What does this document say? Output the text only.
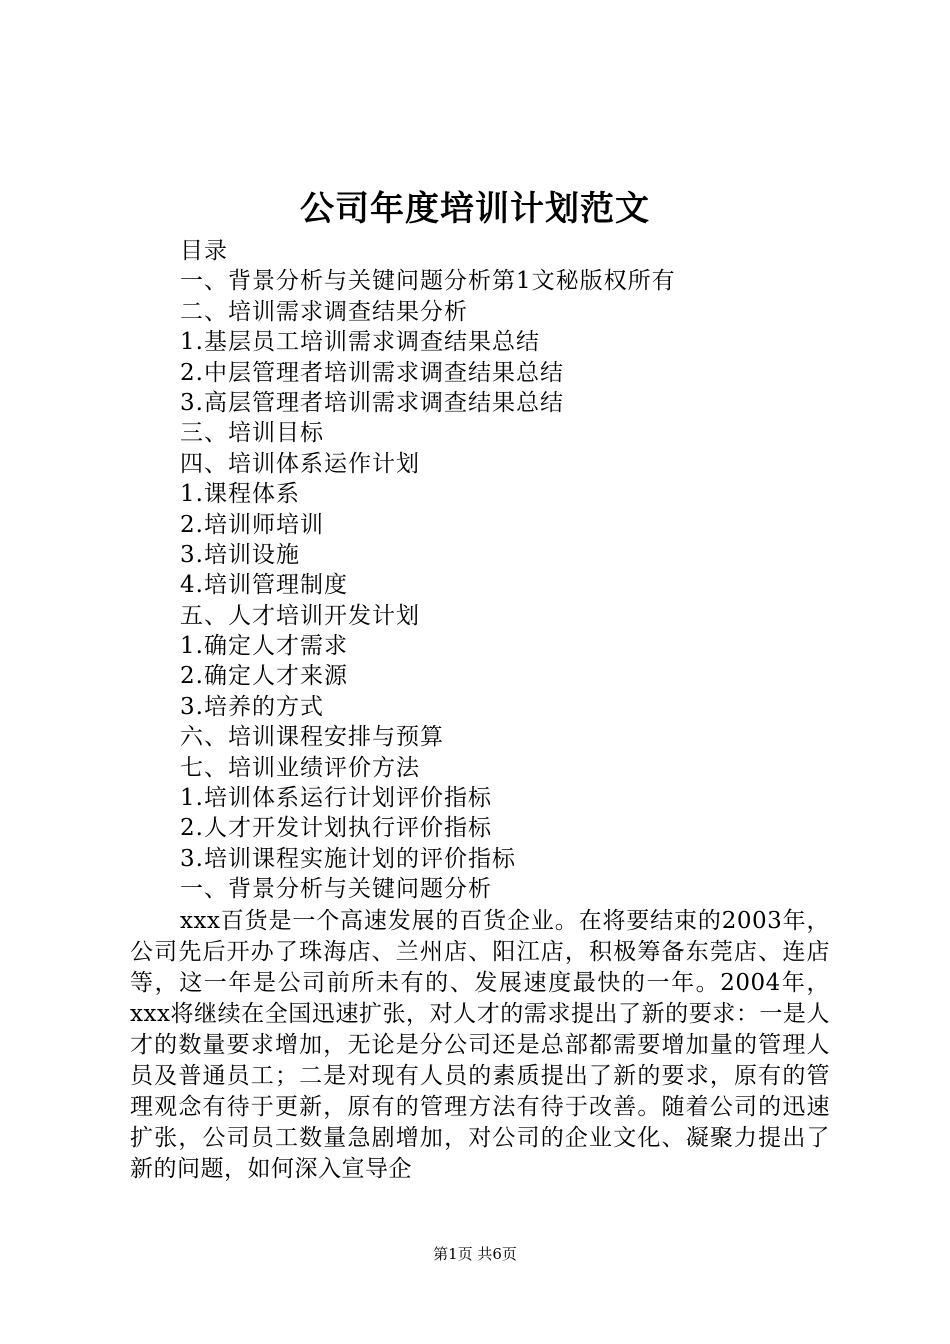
公司年度培训计划范文
目录
一、背景分析与关键问题分析第1文秘版权所有
二、培训需求调查结果分析
1.基层员工培训需求调查结果总结
2.中层管理者培训需求调查结果总结
3.高层管理者培训需求调查结果总结
三、培训目标
四、培训体系运作计划
1.课程体系
2.培训师培训
3.培训设施
4.培训管理制度
五、人才培训开发计划
1.确定人才需求
2.确定人才来源
3.培养的方式
六、培训课程安排与预算
七、培训业绩评价方法
1.培训体系运行计划评价指标
2.人才开发计划执行评价指标
3.培训课程实施计划的评价指标
一、背景分析与关键问题分析

xxx百货是一个高速发展的百货企业。在将要结束的2003年，公司先后开办了珠海店、兰州店、阳江店，积极筹备东莞店、连店等，这一年是公司前所未有的、发展速度最快的一年。2004年，xxx将继续在全国迅速扩张，对人才的需求提出了新的要求：一是人才的数量要求增加，无论是分公司还是总部都需要增加量的管理人员及普通员工；二是对现有人员的素质提出了新的要求，原有的管理观念有待于更新，原有的管理方法有待于改善。随着公司的迅速扩张，公司员工数量急剧增加，对公司的企业文化、凝聚力提出了新的问题，如何深入宣导企

第1页 共6页
